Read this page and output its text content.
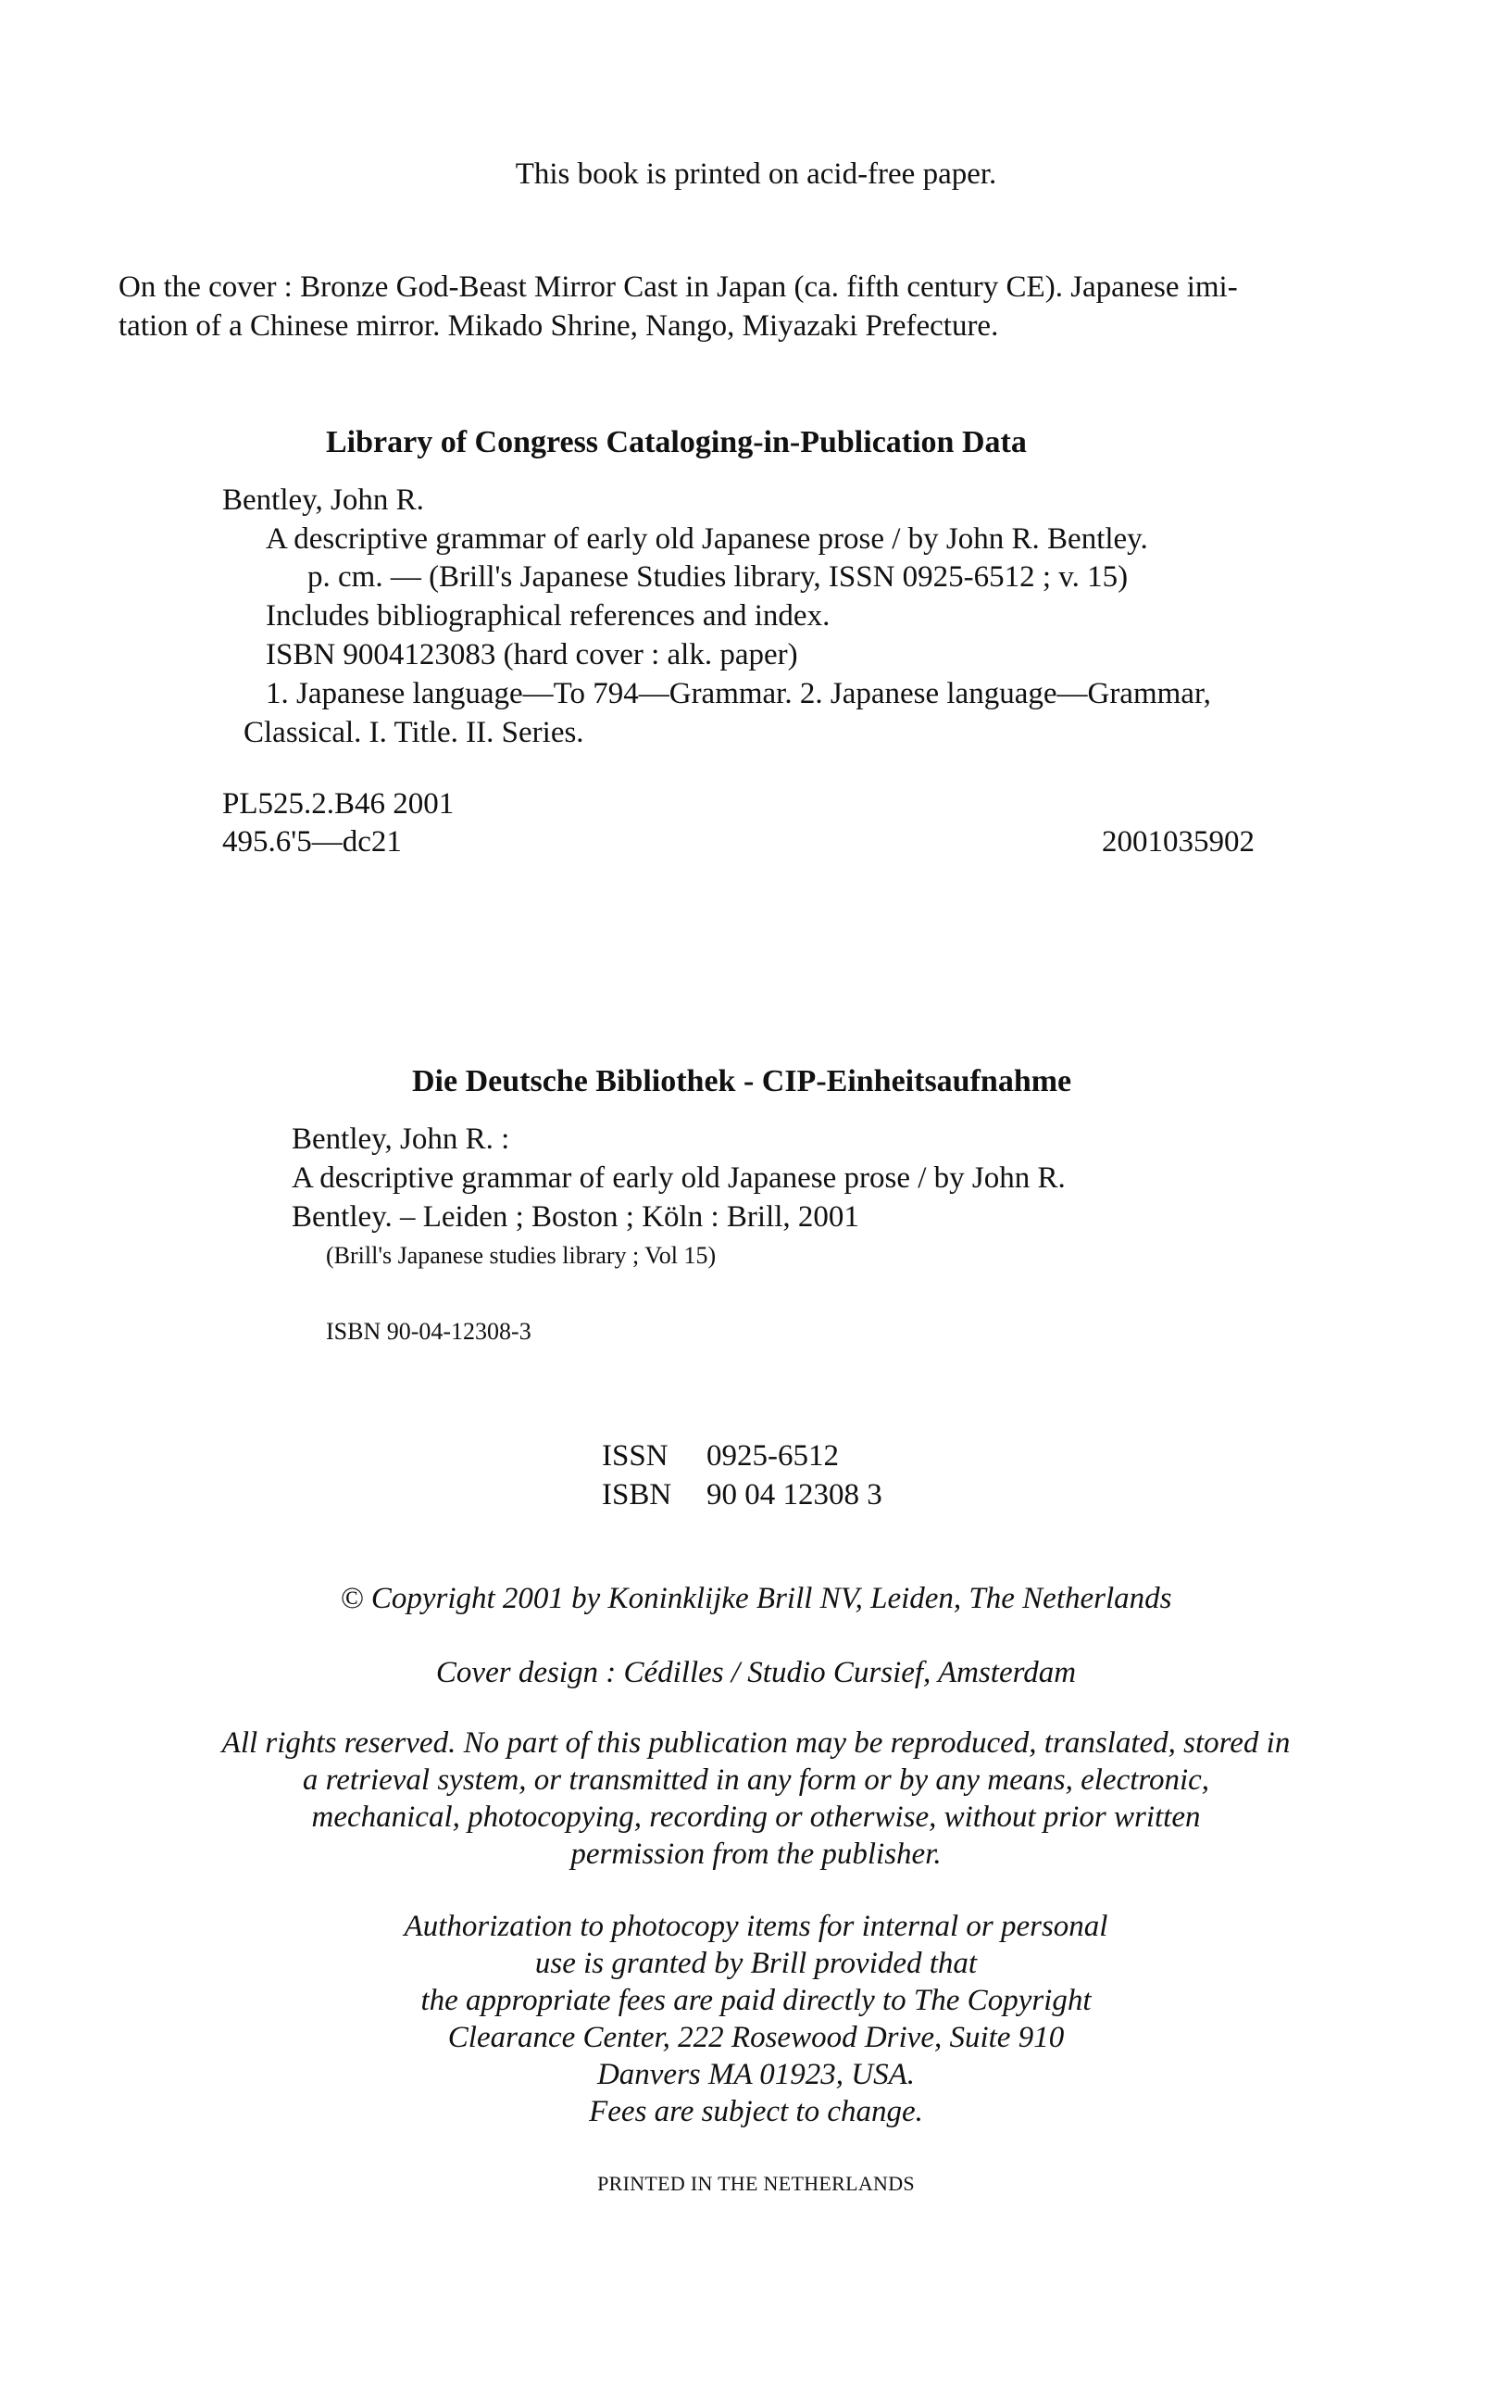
This book is printed on acid-free paper.
On the cover : Bronze God-Beast Mirror Cast in Japan (ca. fifth century CE). Japanese imi-
tation of a Chinese mirror. Mikado Shrine, Nango, Miyazaki Prefecture.
Library of Congress Cataloging-in-Publication Data
Bentley, John R.
A descriptive grammar of early old Japanese prose / by John R. Bentley.
p. cm. — (Brill's Japanese Studies library, ISSN 0925-6512 ; v. 15)
Includes bibliographical references and index.
ISBN 9004123083 (hard cover : alk. paper)
1. Japanese language—To 794—Grammar. 2. Japanese language—Grammar,
Classical. I. Title. II. Series.
PL525.2.B46 2001
495.6'5—dc21	2001035902
Die Deutsche Bibliothek - CIP-Einheitsaufnahme
Bentley, John R. :
A descriptive grammar of early old Japanese prose / by John R.
Bentley. – Leiden ; Boston ; Köln : Brill, 2001
(Brill's Japanese studies library ; Vol 15)
ISBN 90-04-12308-3
ISSN 0925-6512
ISBN 90 04 12308 3
© Copyright 2001 by Koninklijke Brill NV, Leiden, The Netherlands
Cover design : Cédilles / Studio Cursief, Amsterdam
All rights reserved. No part of this publication may be reproduced, translated, stored in
a retrieval system, or transmitted in any form or by any means, electronic,
mechanical, photocopying, recording or otherwise, without prior written
permission from the publisher.
Authorization to photocopy items for internal or personal
use is granted by Brill provided that
the appropriate fees are paid directly to The Copyright
Clearance Center, 222 Rosewood Drive, Suite 910
Danvers MA 01923, USA.
Fees are subject to change.
PRINTED IN THE NETHERLANDS
